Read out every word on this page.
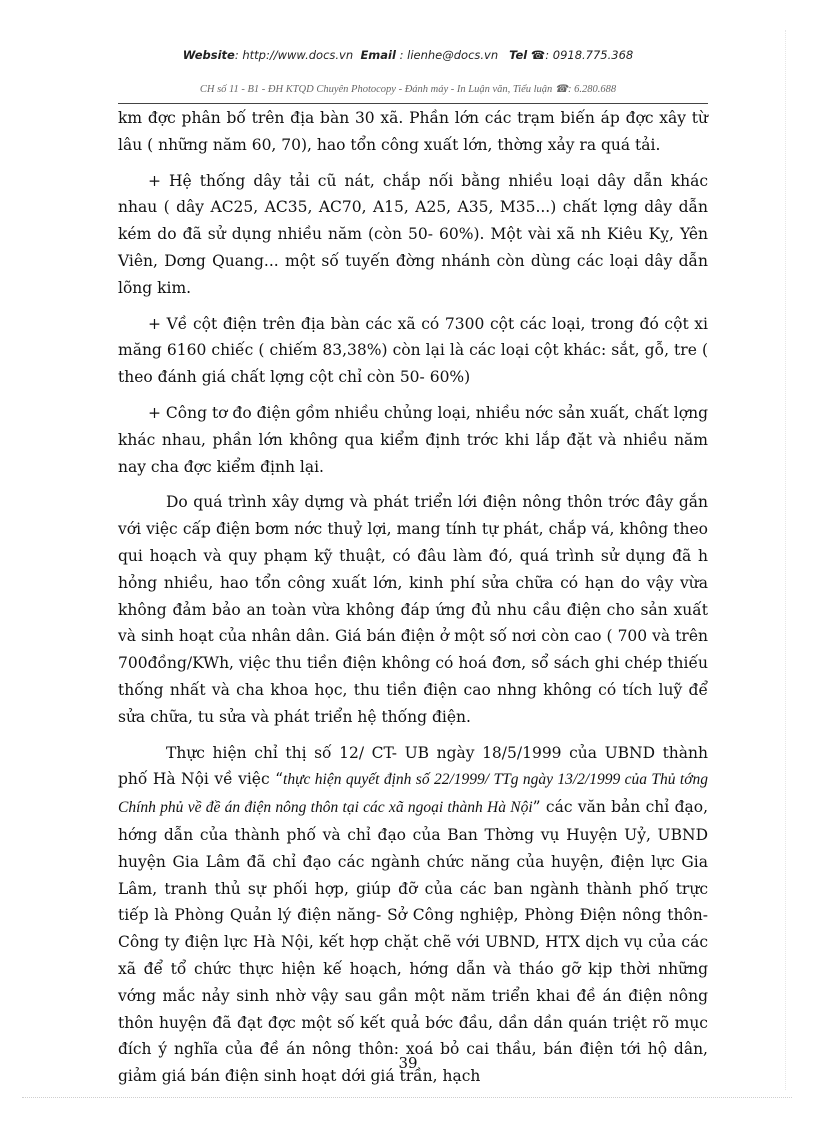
Website: http://www.docs.vn Email : lienhe@docs.vn Tel ☎: 0918.775.368
CH số 11 - B1 - ĐH KTQD Chuyên Photocopy - Đánh máy - In Luận văn, Tiểu luận ☎: 6.280.688

km đợc phân bố trên địa bàn 30 xã. Phần lớn các trạm biến áp đợc xây từ lâu ( những năm 60, 70), hao tổn công xuất lớn, thờng xảy ra quá tải.

+ Hệ thống dây tải cũ nát, chắp nối bằng nhiều loại dây dẫn khác nhau ( dây AC25, AC35, AC70, A15, A25, A35, M35...) chất lợng dây dẫn kém do đã sử dụng nhiều năm (còn 50- 60%). Một vài xã nh Kiêu Kỵ, Yên Viên, Dơng Quang... một số tuyến đờng nhánh còn dùng các loại dây dẫn lõng kim.

+ Về cột điện trên địa bàn các xã có 7300 cột các loại, trong đó cột xi măng 6160 chiếc ( chiếm 83,38%) còn lại là các loại cột khác: sắt, gỗ, tre ( theo đánh giá chất lợng cột chỉ còn 50- 60%)

+ Công tơ đo điện gồm nhiều chủng loại, nhiều nớc sản xuất, chất lợng khác nhau, phần lớn không qua kiểm định trớc khi lắp đặt và nhiều năm nay cha đợc kiểm định lại.

Do quá trình xây dựng và phát triển lới điện nông thôn trớc đây gắn với việc cấp điện bơm nớc thuỷ lợi, mang tính tự phát, chắp vá, không theo qui hoạch và quy phạm kỹ thuật, có đâu làm đó, quá trình sử dụng đã h hỏng nhiều, hao tổn công xuất lớn, kinh phí sửa chữa có hạn do vậy vừa không đảm bảo an toàn vừa không đáp ứng đủ nhu cầu điện cho sản xuất và sinh hoạt của nhân dân. Giá bán điện ở một số nơi còn cao ( 700 và trên 700đồng/KWh, việc thu tiền điện không có hoá đơn, sổ sách ghi chép thiếu thống nhất và cha khoa học, thu tiền điện cao nhng không có tích luỹ để sửa chữa, tu sửa và phát triển hệ thống điện.

Thực hiện chỉ thị số 12/ CT- UB ngày 18/5/1999 của UBND thành phố Hà Nội về việc “thực hiện quyết định số 22/1999/ TTg ngày 13/2/1999 của Thủ tớng Chính phủ về đề án điện nông thôn tại các xã ngoại thành Hà Nội” các văn bản chỉ đạo, hớng dẫn của thành phố và chỉ đạo của Ban Thờng vụ Huyện Uỷ, UBND huyện Gia Lâm đã chỉ đạo các ngành chức năng của huyện, điện lực Gia Lâm, tranh thủ sự phối hợp, giúp đỡ của các ban ngành thành phố trực tiếp là Phòng Quản lý điện năng- Sở Công nghiệp, Phòng Điện nông thôn- Công ty điện lực Hà Nội, kết hợp chặt chẽ với UBND, HTX dịch vụ của các xã để tổ chức thực hiện kế hoạch, hớng dẫn và tháo gỡ kịp thời những vớng mắc nảy sinh nhờ vậy sau gần một năm triển khai đề án điện nông thôn huyện đã đạt đợc một số kết quả bớc đầu, dần dần quán triệt rõ mục đích ý nghĩa của đề án nông thôn: xoá bỏ cai thầu, bán điện tới hộ dân, giảm giá bán điện sinh hoạt dới giá trần, hạch

39
